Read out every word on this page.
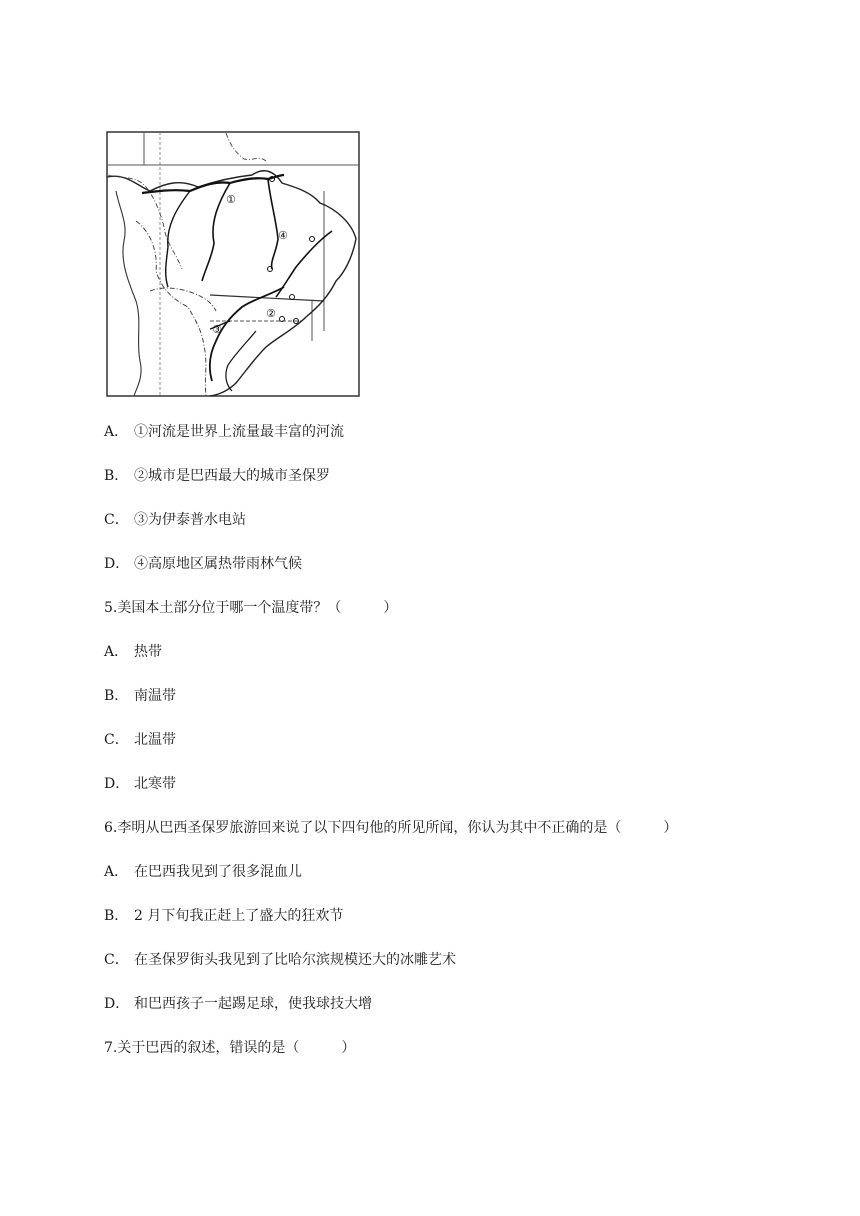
①
②
③
④
A． ①河流是世界上流量最丰富的河流
B． ②城市是巴西最大的城市圣保罗
C． ③为伊泰普水电站
D． ④高原地区属热带雨林气候
5.美国本土部分位于哪一个温度带？（	）
A． 热带
B． 南温带
C． 北温带
D． 北寒带
6.李明从巴西圣保罗旅游回来说了以下四句他的所见所闻，你认为其中不正确的是（	）
A． 在巴西我见到了很多混血儿
B． 2 月下旬我正赶上了盛大的狂欢节
C． 在圣保罗街头我见到了比哈尔滨规模还大的冰雕艺术
D． 和巴西孩子一起踢足球，使我球技大增
7.关于巴西的叙述，错误的是（	）
